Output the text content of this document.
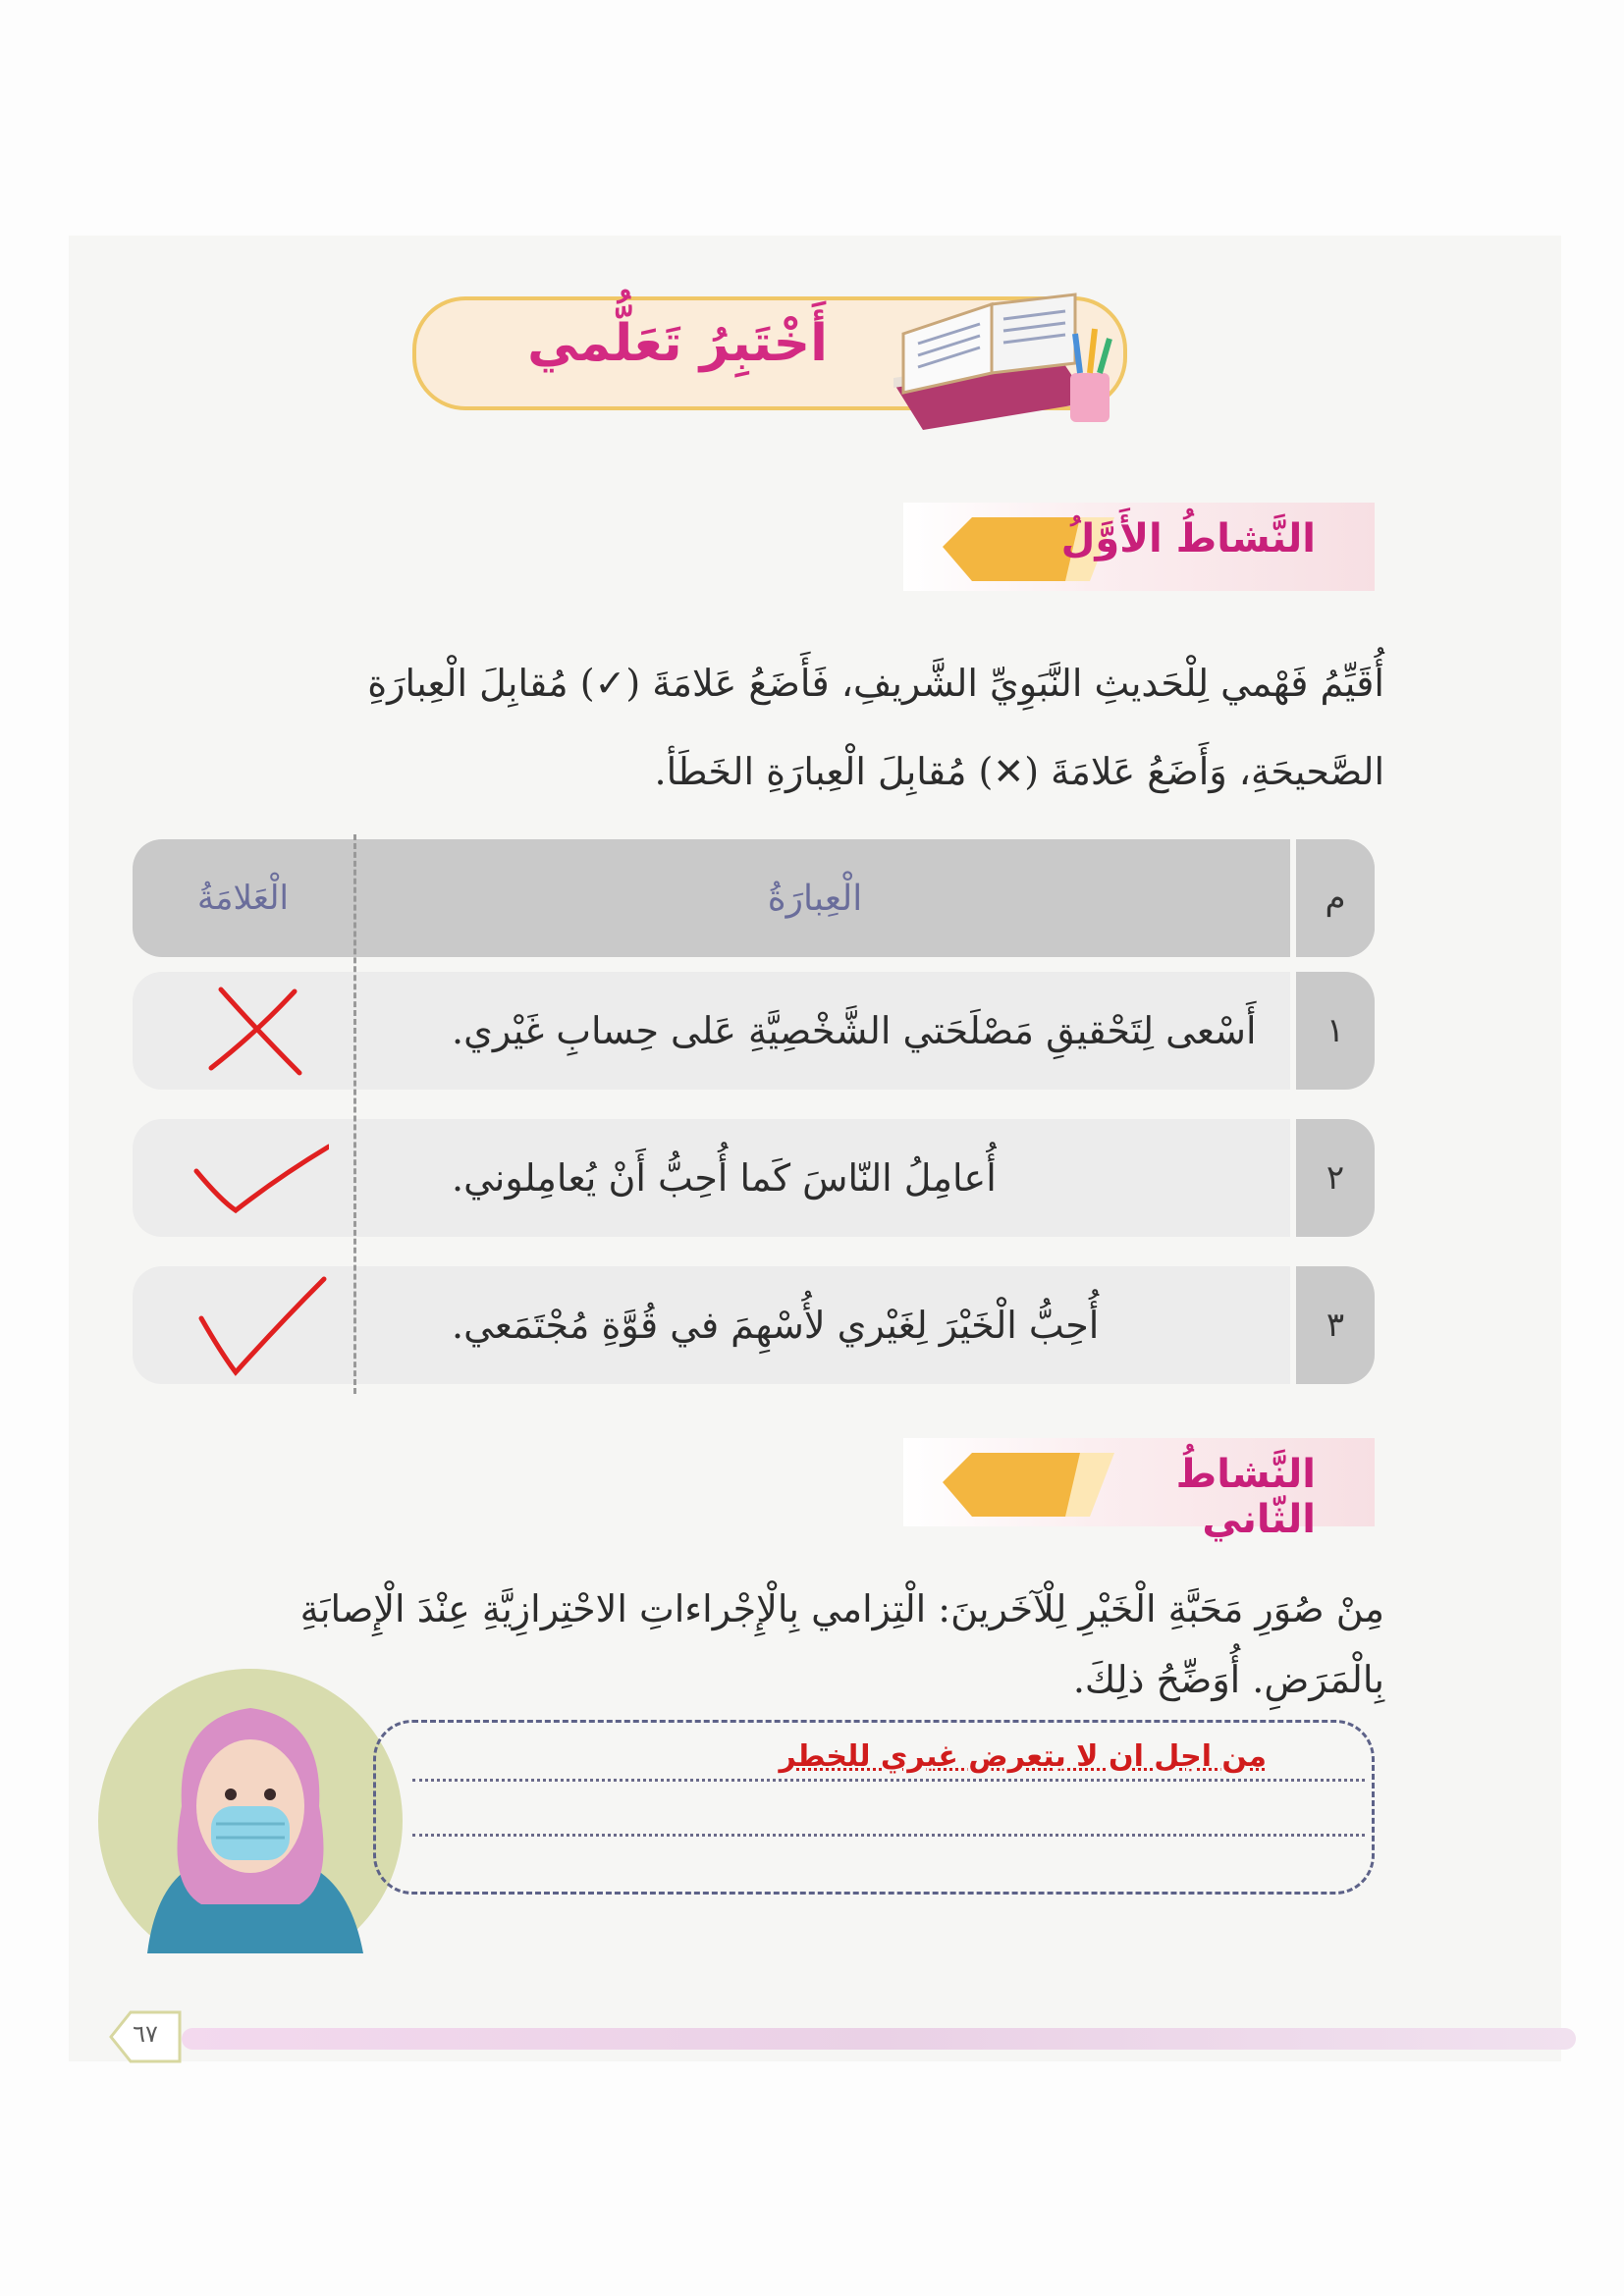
أَخْتَبِرُ تَعَلُّمي
النَّشاطُ الأَوَّلُ
أُقَيِّمُ فَهْمي لِلْحَديثِ النَّبَوِيِّ الشَّريفِ، فَأَضَعُ عَلامَةَ (✓) مُقابِلَ الْعِبارَةِ
الصَّحيحَةِ، وَأَضَعُ عَلامَةَ (✕) مُقابِلَ الْعِبارَةِ الخَطَأ.
م
الْعِبارَةُ
الْعَلامَةُ
١
أَسْعى لِتَحْقيقِ مَصْلَحَتي الشَّخْصِيَّةِ عَلى حِسابِ غَيْري.
٢
أُعامِلُ النّاسَ كَما أُحِبُّ أَنْ يُعامِلوني.
٣
أُحِبُّ الْخَيْرَ لِغَيْري لأُسْهِمَ في قُوَّةِ مُجْتَمَعي.
النَّشاطُ الثّاني
مِنْ صُوَرِ مَحَبَّةِ الْخَيْرِ لِلْآخَرينَ: الْتِزامي بِالْإِجْراءاتِ الاحْتِرازِيَّةِ عِنْدَ الْإِصابَةِ
بِالْمَرَضِ. أُوَضِّحُ ذلِكَ.
من اجل ان لا يتعرض غيري للخطر
٦٧
